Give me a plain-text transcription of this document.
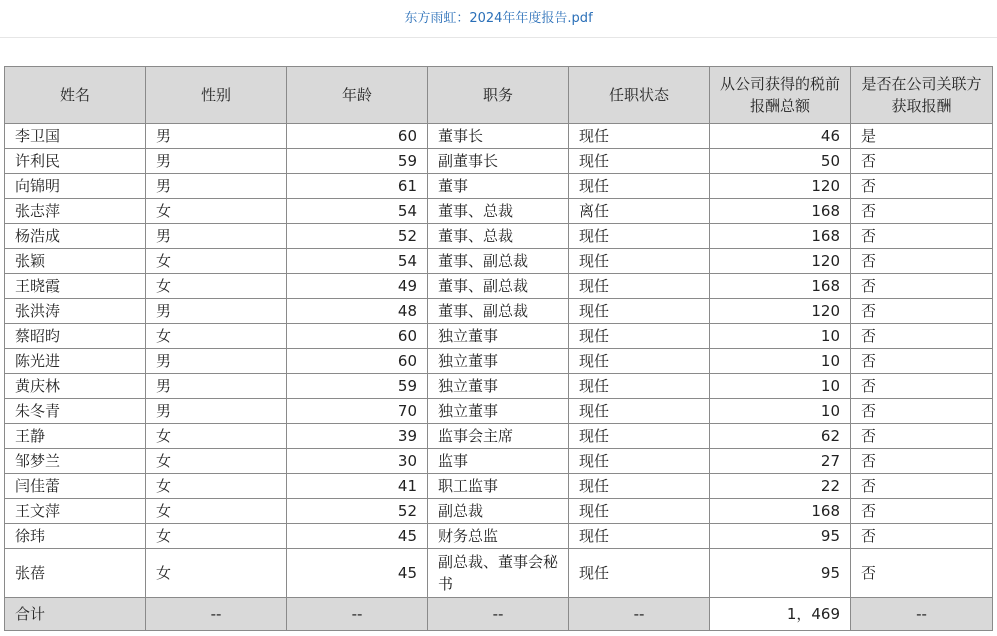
东方雨虹：2024年年度报告.pdf
姓名	性别	年龄	职务	任职状态	从公司获得的税前报酬总额	是否在公司关联方获取报酬
李卫国	男	60	董事长	现任	46	是
许利民	男	59	副董事长	现任	50	否
向锦明	男	61	董事	现任	120	否
张志萍	女	54	董事、总裁	离任	168	否
杨浩成	男	52	董事、总裁	现任	168	否
张颖	女	54	董事、副总裁	现任	120	否
王晓霞	女	49	董事、副总裁	现任	168	否
张洪涛	男	48	董事、副总裁	现任	120	否
蔡昭昀	女	60	独立董事	现任	10	否
陈光进	男	60	独立董事	现任	10	否
黄庆林	男	59	独立董事	现任	10	否
朱冬青	男	70	独立董事	现任	10	否
王静	女	39	监事会主席	现任	62	否
邹梦兰	女	30	监事	现任	27	否
闫佳蕾	女	41	职工监事	现任	22	否
王文萍	女	52	副总裁	现任	168	否
徐玮	女	45	财务总监	现任	95	否
张蓓	女	45	副总裁、董事会秘书	现任	95	否
合计	--	--	--	--	1，469	--
